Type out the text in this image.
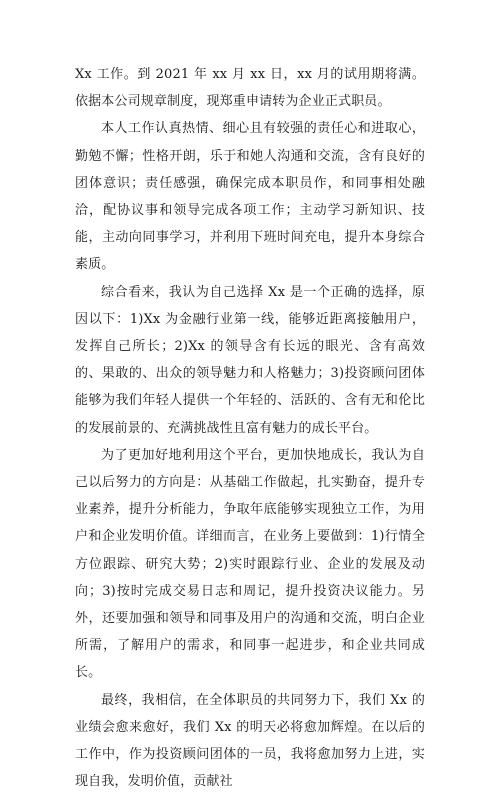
Xx 工作。到 2021 年 xx 月 xx 日，xx 月的试用期将满。依据本公司规章制度，现郑重申请转为企业正式职员。

本人工作认真热情、细心且有较强的责任心和进取心，勤勉不懈；性格开朗，乐于和她人沟通和交流，含有良好的团体意识；责任感强，确保完成本职员作，和同事相处融洽，配协议事和领导完成各项工作；主动学习新知识、技能，主动向同事学习，并利用下班时间充电，提升本身综合素质。

综合看来，我认为自己选择 Xx 是一个正确的选择，原因以下：1)Xx 为金融行业第一线，能够近距离接触用户，发挥自己所长；2)Xx 的领导含有长远的眼光、含有高效的、果敢的、出众的领导魅力和人格魅力；3)投资顾问团体能够为我们年轻人提供一个年轻的、活跃的、含有无和伦比的发展前景的、充满挑战性且富有魅力的成长平台。

为了更加好地利用这个平台，更加快地成长，我认为自己以后努力的方向是：从基础工作做起，扎实勤奋，提升专业素养，提升分析能力，争取年底能够实现独立工作，为用户和企业发明价值。详细而言，在业务上要做到：1)行情全方位跟踪、研究大势；2)实时跟踪行业、企业的发展及动向；3)按时完成交易日志和周记，提升投资决议能力。另外，还要加强和领导和同事及用户的沟通和交流，明白企业所需，了解用户的需求，和同事一起进步，和企业共同成长。

最终，我相信，在全体职员的共同努力下，我们 Xx 的业绩会愈来愈好，我们 Xx 的明天必将愈加辉煌。在以后的工作中，作为投资顾问团体的一员，我将愈加努力上进，实现自我，发明价值，贡献社
